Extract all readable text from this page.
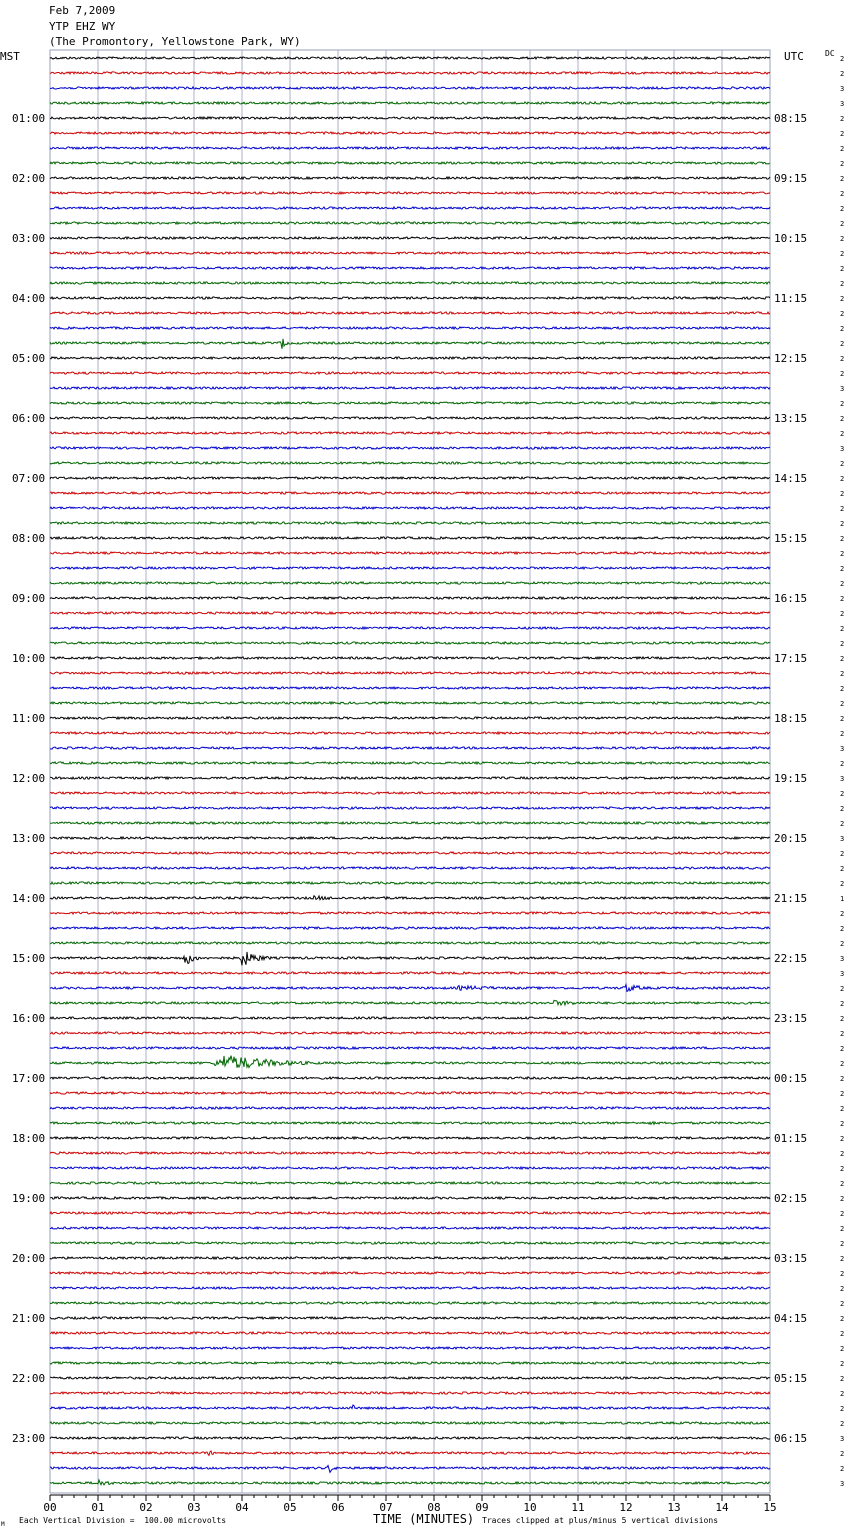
Feb 7,2009
YTP EHZ WY
(The Promontory, Yellowstone Park, WY)
MST	UTC	DC
TIME (MINUTES)
Each Vertical Division =  100.00 microvolts	Traces clipped at plus/minus 5 vertical divisions
M
01:00
02:00
03:00
04:00
05:00
06:00
07:00
08:00
09:00
10:00
11:00
12:00
13:00
14:00
15:00
16:00
17:00
18:00
19:00
20:00
21:00
22:00
23:00
08:15
09:15
10:15
11:15
12:15
13:15
14:15
15:15
16:15
17:15
18:15
19:15
20:15
21:15
22:15
23:15
00:15
01:15
02:15
03:15
04:15
05:15
06:15
2
2
3
3
2
2
2
2
2
2
2
2
2
2
2
2
2
2
2
2
2
2
3
2
2
2
3
2
2
2
2
2
2
2
2
2
2
2
2
2
2
2
2
2
2
2
3
2
3
2
2
2
3
2
2
2
1
2
2
2
3
3
2
2
2
2
2
2
2
2
2
2
2
2
2
2
2
2
2
2
2
2
2
2
2
2
2
2
2
2
2
2
3
2
2
3
00	01	02	03	04	05	06	07	08	09	10	11	12	13	14	15
